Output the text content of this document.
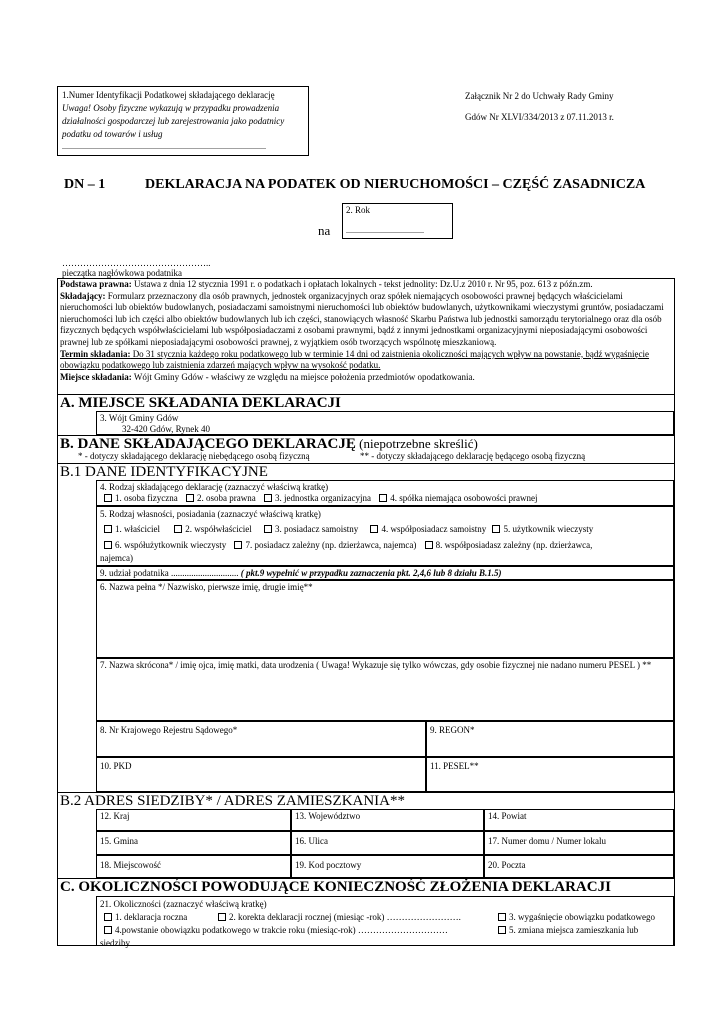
1.Numer Identyfikacji Podatkowej składającego deklarację
Uwaga! Osoby fizyczne wykazują w przypadku prowadzenia działalności gospodarczej lub zarejestrowania jako podatnicy podatku od towarów i usług
......................................................................................................
Załącznik Nr 2 do Uchwały Rady Gminy
Gdów Nr XLVI/334/2013 z 07.11.2013 r.
DN – 1	DEKLARACJA NA PODATEK OD NIERUCHOMOŚCI – CZĘŚĆ ZASADNICZA
na
2. Rok
.......................................
…………………………………………..
pieczątka nagłówkowa podatnika
Podstawa prawna: Ustawa z dnia 12 stycznia 1991 r. o podatkach i opłatach lokalnych - tekst jednolity: Dz.U.z 2010 r. Nr 95, poz. 613 z późn.zm.
Składający: Formularz przeznaczony dla osób prawnych, jednostek organizacyjnych oraz spółek niemających osobowości prawnej będących właścicielami nieruchomości lub obiektów budowlanych, posiadaczami samoistnymi nieruchomości lub obiektów budowlanych, użytkownikami wieczystymi gruntów, posiadaczami nieruchomości lub ich części albo obiektów budowlanych lub ich części, stanowiących własność Skarbu Państwa lub jednostki samorządu terytorialnego oraz dla osób fizycznych będących współwłaścicielami lub współposiadaczami z osobami prawnymi, bądź z innymi jednostkami organizacyjnymi nieposiadającymi osobowości prawnej lub ze spółkami nieposiadającymi osobowości prawnej, z wyjątkiem osób tworzących wspólnotę mieszkaniową.
Termin składania: Do 31 stycznia każdego roku podatkowego lub w terminie 14 dni od zaistnienia okoliczności mających wpływ na powstanie, bądź wygaśnięcie obowiązku podatkowego lub zaistnienia zdarzeń mających wpływ na wysokość podatku.
Miejsce składania: Wójt Gminy Gdów - właściwy ze względu na miejsce położenia przedmiotów opodatkowania.
A. MIEJSCE SKŁADANIA DEKLARACJI
3. Wójt Gminy Gdów
32-420 Gdów, Rynek 40
B. DANE SKŁADAJĄCEGO DEKLARACJĘ (niepotrzebne skreślić)
* - dotyczy składającego deklarację niebędącego osobą fizyczną	** - dotyczy składającego deklarację będącego osobą fizyczną
B.1 DANE IDENTYFIKACYJNE
4. Rodzaj składającego deklarację (zaznaczyć właściwą kratkę)
1. osoba fizyczna 2. osoba prawna 3. jednostka organizacyjna 4. spółka niemająca osobowości prawnej
5. Rodzaj własności, posiadania (zaznaczyć właściwą kratkę)
1. właściciel	2. współwłaściciel	3. posiadacz samoistny	4. współposiadacz samoistny 5. użytkownik wieczysty
6. współużytkownik wieczysty 7. posiadacz zależny (np. dzierżawca, najemca) 8. współposiadasz zależny (np. dzierżawca,
najemca)
9. udział podatnika .............................. ( pkt.9 wypełnić w przypadku zaznaczenia pkt. 2,4,6 lub 8 działu B.1.5)
6. Nazwa pełna */ Nazwisko, pierwsze imię, drugie imię**
7. Nazwa skrócona* / imię ojca, imię matki, data urodzenia ( Uwaga! Wykazuje się tylko wówczas, gdy osobie fizycznej nie nadano numeru PESEL ) **
8. Nr Krajowego Rejestru Sądowego*	9. REGON*
10. PKD	11. PESEL**
B.2 ADRES SIEDZIBY* / ADRES ZAMIESZKANIA**
12. Kraj	13. Województwo	14. Powiat
15. Gmina	16. Ulica	17. Numer domu / Numer lokalu
18. Miejscowość	19. Kod pocztowy	20. Poczta
C. OKOLICZNOŚCI POWODUJĄCE KONIECZNOŚĆ ZŁOŻENIA DEKLARACJI
21. Okoliczności (zaznaczyć właściwą kratkę)
1. deklaracja roczna	2. korekta deklaracji rocznej (miesiąc -rok) …………………….	3. wygaśnięcie obowiązku podatkowego
4.powstanie obowiązku podatkowego w trakcie roku (miesiąc-rok) …………………………	5. zmiana miejsca zamieszkania lub
siedziby
